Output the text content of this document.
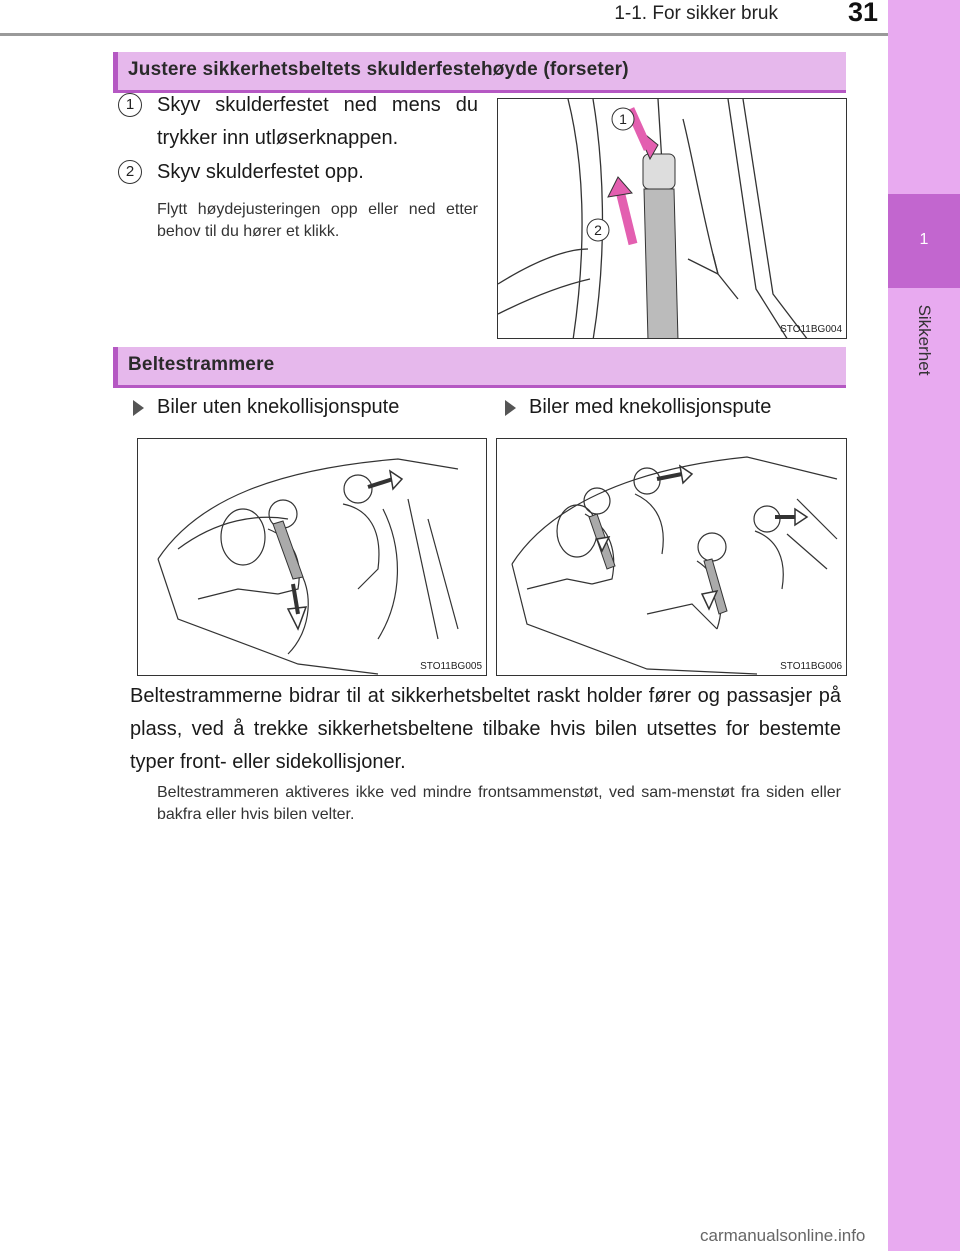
1-1. For sikker bruk	31
1
Sikkerhet
Justere sikkerhetsbeltets skulderfestehøyde (forseter)
1	Skyv skulderfestet ned mens du trykker inn utløserknappen.
2	Skyv skulderfestet opp.
Flytt høydejusteringen opp eller ned etter behov til du hører et klikk.
1
2
STO11BG004
Beltestrammere
Biler uten knekollisjonspute	Biler med knekollisjonspute
STO11BG005	STO11BG006
Beltestrammerne bidrar til at sikkerhetsbeltet raskt holder fører og passasjer på plass, ved å trekke sikkerhetsbeltene tilbake hvis bilen utsettes for bestemte typer front- eller sidekollisjoner.
Beltestrammeren aktiveres ikke ved mindre frontsammenstøt, ved sam-menstøt fra siden eller bakfra eller hvis bilen velter.
carmanualsonline.info
